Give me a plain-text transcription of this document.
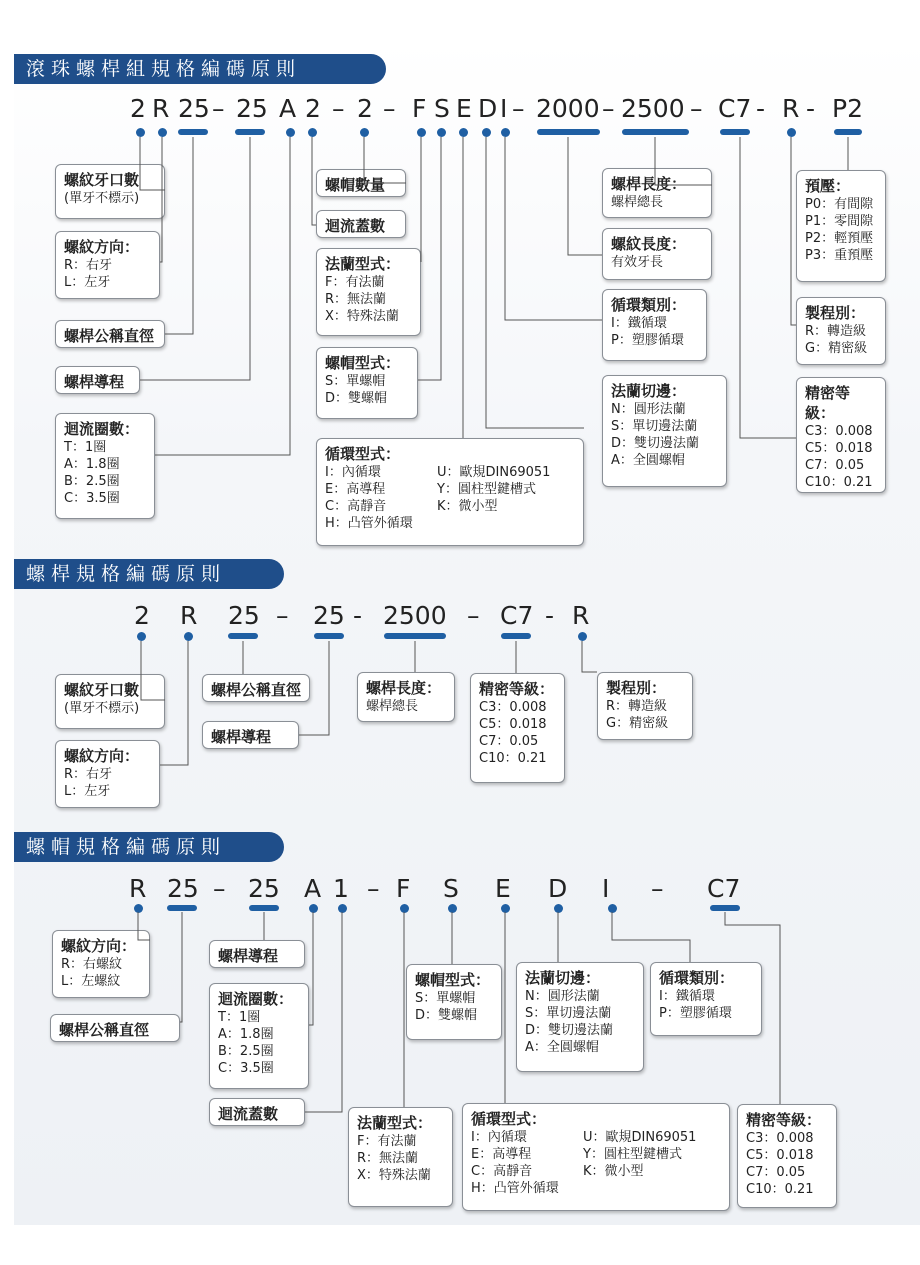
滾珠螺桿組規格編碼原則
螺桿規格編碼原則
螺帽規格編碼原則
2 R 25 – 25 A 2 – 2 – F S E D I – 2000 – 2500 – C7 - R - P2
2 R 25 – 25 - 2500 – C7 - R
R 25 – 25 A 1 – F S E D I – C7
螺紋牙口數
(單牙不標示)
螺紋方向：
R：右牙
L：左牙
螺桿公稱直徑
螺桿導程
迴流圈數：
T：1圈
A：1.8圈
B：2.5圈
C：3.5圈
螺帽數量
迴流蓋數
法蘭型式：
F：有法蘭
R：無法蘭
X：特殊法蘭
螺帽型式：
S：單螺帽
D：雙螺帽
循環型式：
I：內循環
E：高導程
C：高靜音
H：凸管外循環
U：歐規DIN69051
Y：圓柱型鍵槽式
K：微小型
螺桿長度：
螺桿總長
螺紋長度：
有效牙長
循環類別：
I：鐵循環
P：塑膠循環
法蘭切邊：
N：圓形法蘭
S：單切邊法蘭
D：雙切邊法蘭
A：全圓螺帽
預壓：
P0：有間隙
P1：零間隙
P2：輕預壓
P3：重預壓
製程別：
R：轉造級
G：精密級
精密等級：
C3：0.008
C5：0.018
C7：0.05
C10：0.21
螺紋牙口數
(單牙不標示)
螺紋方向：
R：右牙
L：左牙
螺桿公稱直徑
螺桿導程
螺桿長度：
螺桿總長
精密等級：
C3：0.008
C5：0.018
C7：0.05
C10：0.21
製程別：
R：轉造級
G：精密級
螺紋方向：
R：右螺紋
L：左螺紋
螺桿公稱直徑
螺桿導程
迴流圈數：
T：1圈
A：1.8圈
B：2.5圈
C：3.5圈
迴流蓋數
螺帽型式：
S：單螺帽
D：雙螺帽
法蘭切邊：
N：圓形法蘭
S：單切邊法蘭
D：雙切邊法蘭
A：全圓螺帽
循環類別：
I：鐵循環
P：塑膠循環
法蘭型式：
F：有法蘭
R：無法蘭
X：特殊法蘭
循環型式：
I：內循環
E：高導程
C：高靜音
H：凸管外循環
U：歐規DIN69051
Y：圓柱型鍵槽式
K：微小型
精密等級：
C3：0.008
C5：0.018
C7：0.05
C10：0.21
